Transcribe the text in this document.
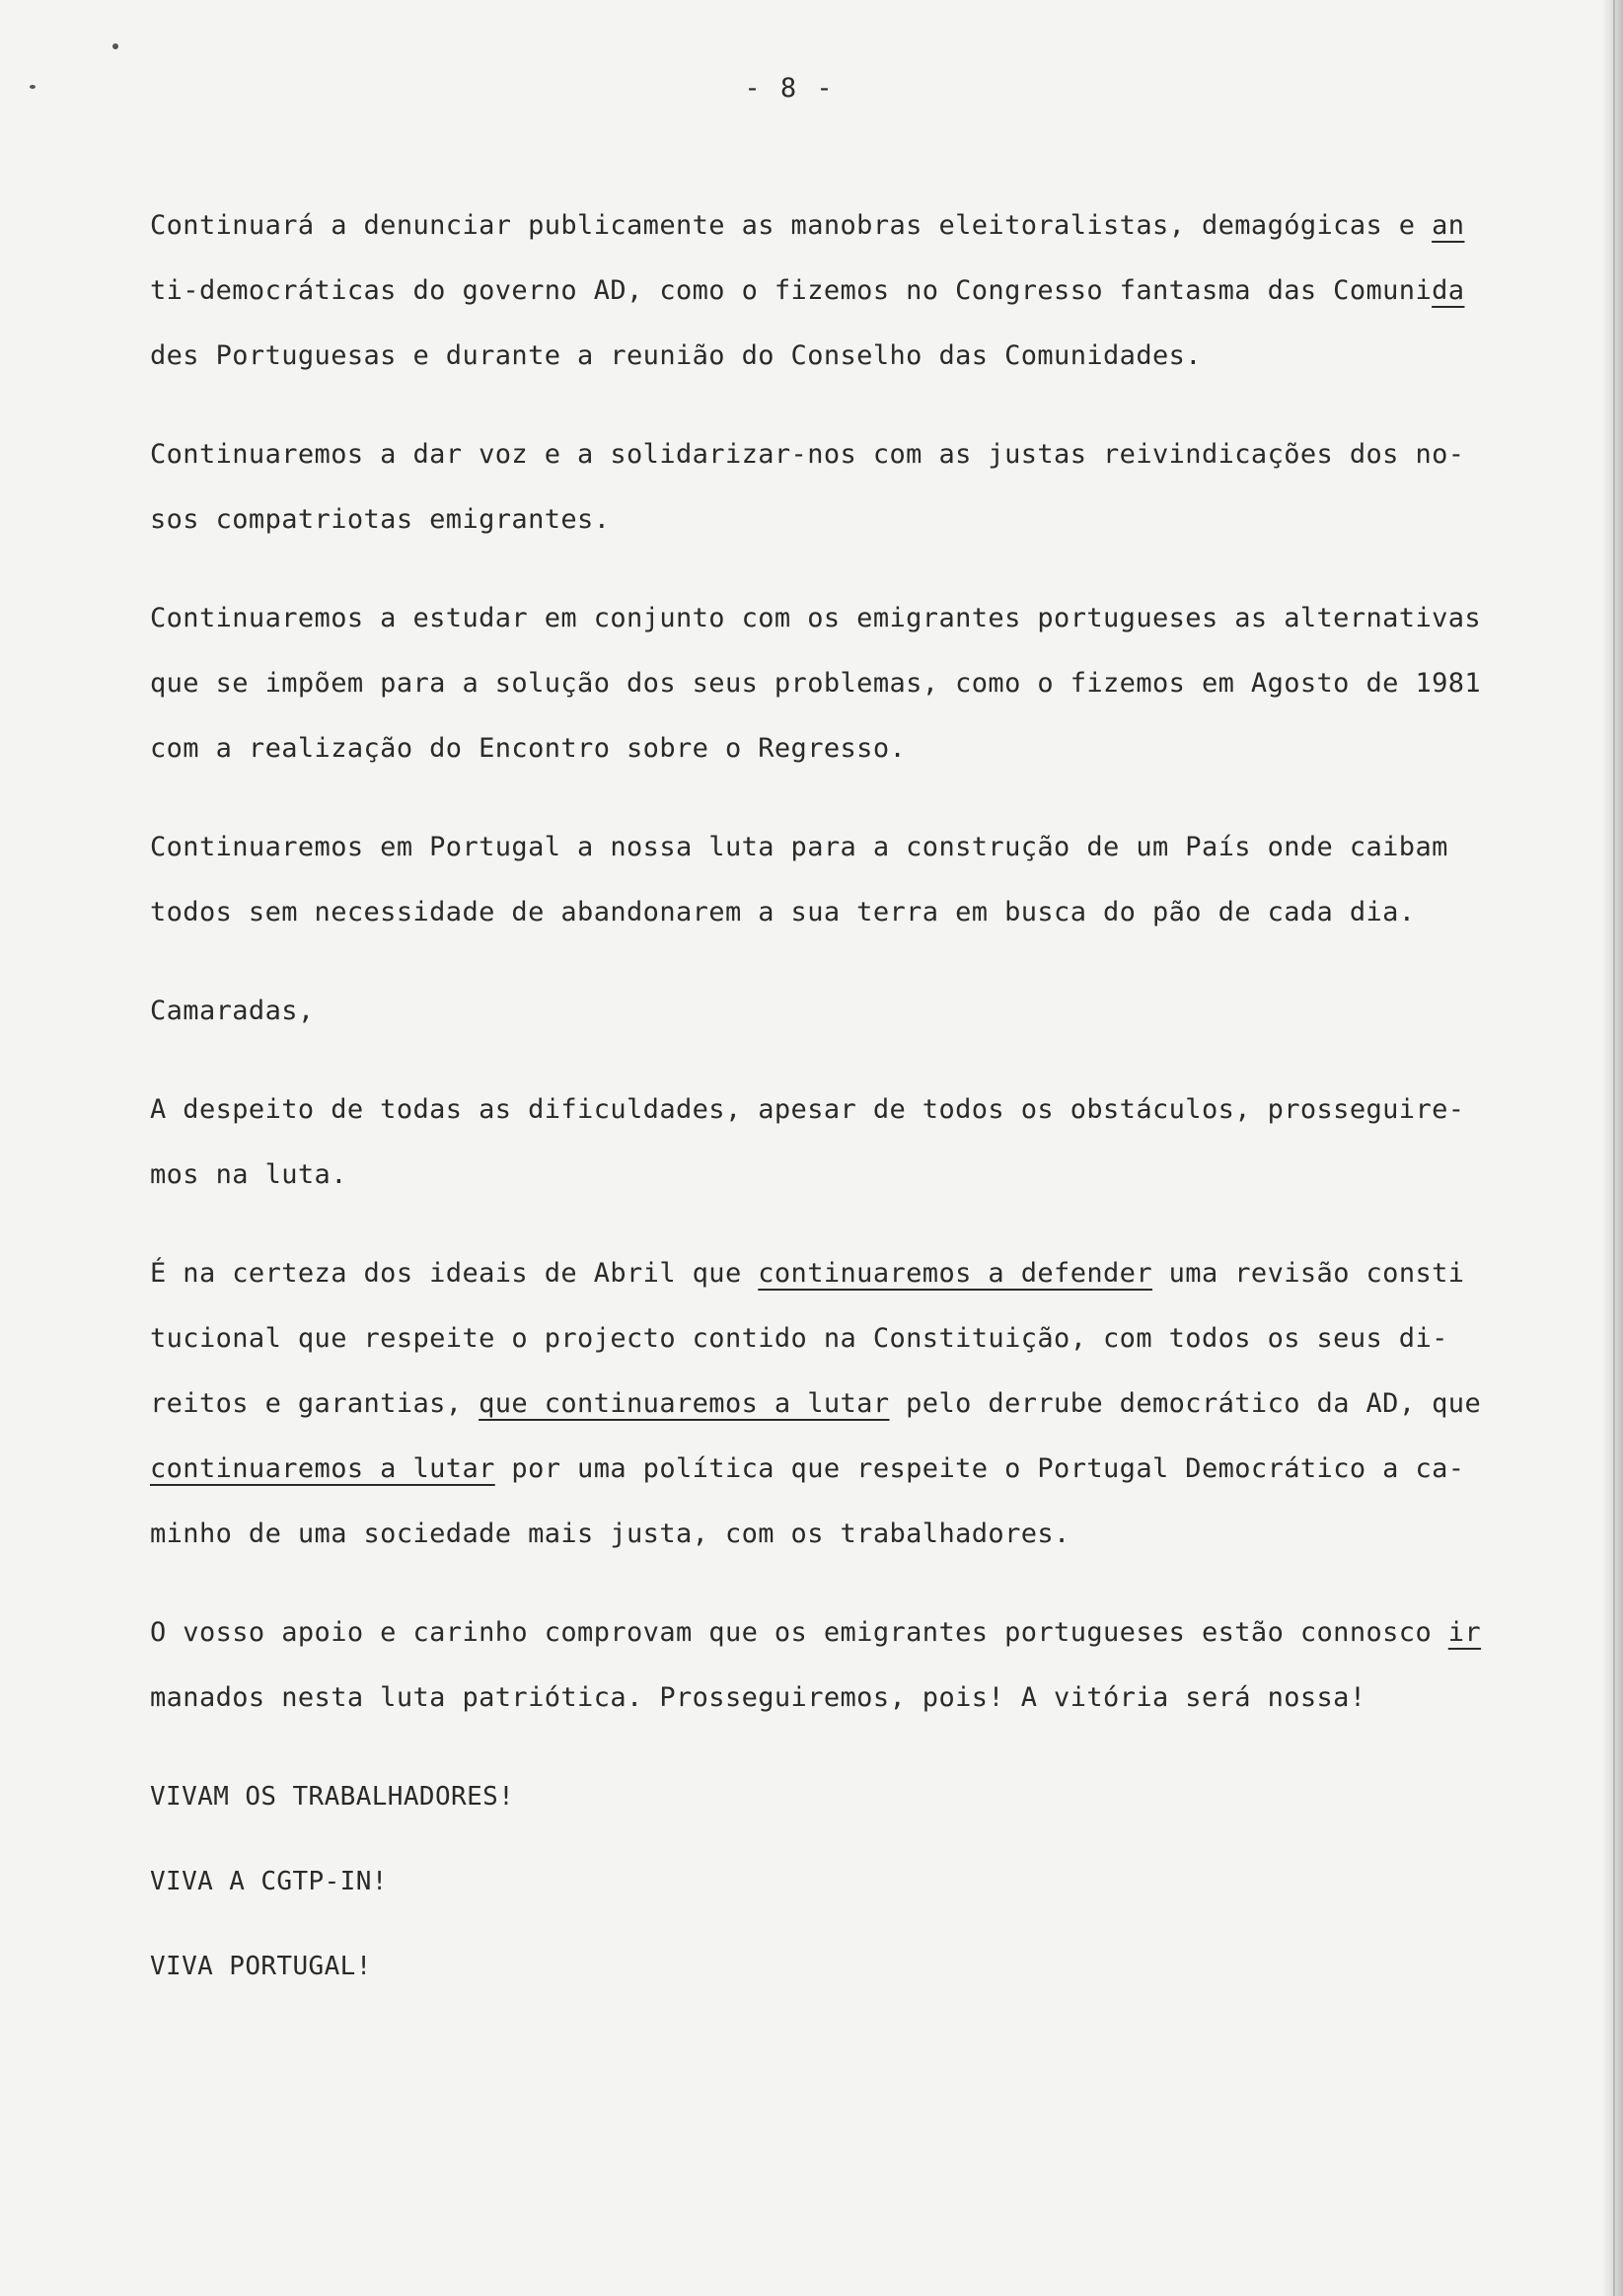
- 8 -
Continuará a denunciar publicamente as manobras eleitoralistas, demagógicas e an
ti-democráticas do governo AD, como o fizemos no Congresso fantasma das Comunida
des Portuguesas e durante a reunião do Conselho das Comunidades.
Continuaremos a dar voz e a solidarizar-nos com as justas reivindicações dos no-
sos compatriotas emigrantes.
Continuaremos a estudar em conjunto com os emigrantes portugueses as alternativas
que se impõem para a solução dos seus problemas, como o fizemos em Agosto de 1981
com a realização do Encontro sobre o Regresso.
Continuaremos em Portugal a nossa luta para a construção de um País onde caibam
todos sem necessidade de abandonarem a sua terra em busca do pão de cada dia.
Camaradas,
A despeito de todas as dificuldades, apesar de todos os obstáculos, prosseguire-
mos na luta.
É na certeza dos ideais de Abril que continuaremos a defender uma revisão consti
tucional que respeite o projecto contido na Constituição, com todos os seus di-
reitos e garantias, que continuaremos a lutar pelo derrube democrático da AD, que
continuaremos a lutar por uma política que respeite o Portugal Democrático a ca-
minho de uma sociedade mais justa, com os trabalhadores.
O vosso apoio e carinho comprovam que os emigrantes portugueses estão connosco ir
manados nesta luta patriótica. Prosseguiremos, pois! A vitória será nossa!
VIVAM OS TRABALHADORES!
VIVA A CGTP-IN!
VIVA PORTUGAL!
